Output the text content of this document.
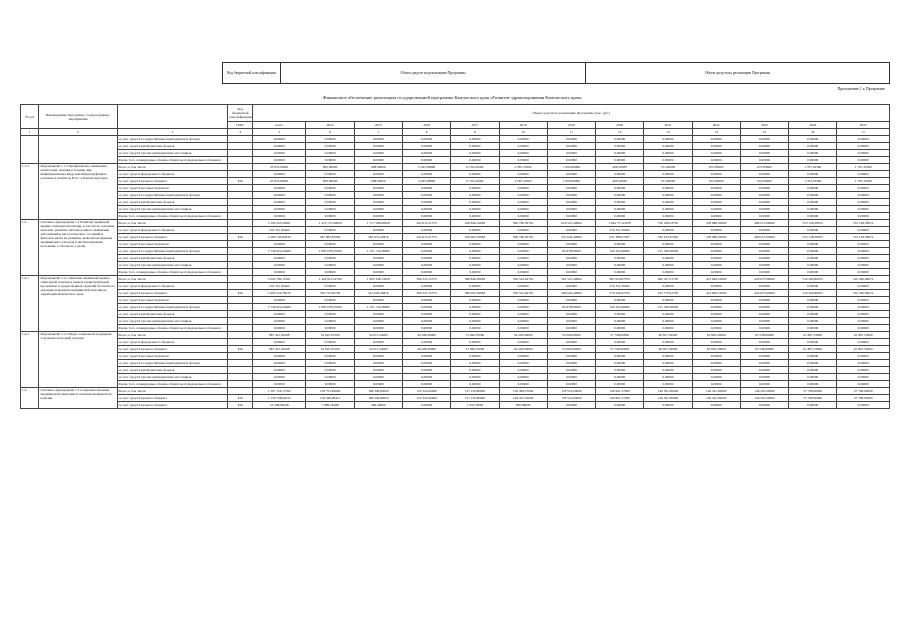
Код бюджетной классификации	Объем средств на реализацию Программы	Объем средств на реализацию Программы
Приложение 1 к Программе
Финансовое обеспечение реализации государственной программы Камчатского края «Развитие здравоохранения Камчатского края»
№ п/п	Наименование Программы / подпрограммы / мероприятия		Код бюджетной классификации	Объем средств на реализацию Программы (тыс. руб.)												
			ГРБС	всего	2014	2015	2016	2017	2018	2019	2020	2021	2022	2023	2024	2025
1	2	3	4	5	6	7	8	9	10	11	12	13	14	15	16	17
		за счет средств государственных внебюджетных фондов		0,00000	0,00000	0,00000	0,00000	0,00000	0,00000	0,00000	0,00000	0,00000	0,00000	0,00000	0,00000	0,00000
		за счет средств внебюджетных фондов		0,00000	0,00000	0,00000	0,00000	0,00000	0,00000	0,00000	0,00000	0,00000	0,00000	0,00000	0,00000	0,00000
		за счет средств прочих внебюджетных источников		0,00000	0,00000	0,00000	0,00000	0,00000	0,00000	0,00000	0,00000	0,00000	0,00000	0,00000	0,00000	0,00000
		Кроме того, планируемые объемы обязательств федерального бюджета		0,00000	0,00000	0,00000	0,00000	0,00000	0,00000	0,00000	0,00000	0,00000	0,00000	0,00000	0,00000	0,00000
1.1.3.	Мероприятие 1.1.3 Профилактика, выявление, мониторинг лечения и лечение лиц, инфицированных вирусами иммунодефицита человека и гепатитов B и C в Камчатском крае	Всего, в том числе:		25 670,99981	895,00000	999,90000	5 045,38896	6 139,43366	2 287,43582	1 693,66096	496,59583	721,60000	672,83600	672,83600	1 767,43360	1 767,43360
		за счет средств федерального бюджета		0,00000	0,00000	0,00000	0,00000	0,00000	0,00000	0,00000	0,00000	0,00000	0,00000	0,00000	0,00000	0,00000
		за счет средств краевого бюджета	816	25 670,99981	895,00000	999,90000	5 045,38896	6 139,43366	2 287,43582	1 693,66096	496,59583	721,60000	672,83600	672,83600	1 767,43360	1 767,43360
		за счет средств местных бюджетов		0,00000	0,00000	0,00000	0,00000	0,00000	0,00000	0,00000	0,00000	0,00000	0,00000	0,00000	0,00000	0,00000
		за счет средств государственных внебюджетных фондов		0,00000	0,00000	0,00000	0,00000	0,00000	0,00000	0,00000	0,00000	0,00000	0,00000	0,00000	0,00000	0,00000
		за счет средств внебюджетных фондов		0,00000	0,00000	0,00000	0,00000	0,00000	0,00000	0,00000	0,00000	0,00000	0,00000	0,00000	0,00000	0,00000
		за счет средств прочих внебюджетных источников		0,00000	0,00000	0,00000	0,00000	0,00000	0,00000	0,00000	0,00000	0,00000	0,00000	0,00000	0,00000	0,00000
		Кроме того, планируемые объемы обязательств федерального бюджета		0,00000	0,00000	0,00000	0,00000	0,00000	0,00000	0,00000	0,00000	0,00000	0,00000	0,00000	0,00000	0,00000
1.2.	Основное мероприятие 1.2 Развитие первичной медико-санитарной помощи, в том числе сельским жителям, развитие системы раннего выявления заболеваний и патологических состояний и факторов риска их развития, включая проведение медицинских осмотров и диспансеризации населения, в том числе у детей	Всего, в том числе:		5 190 203,59461	1 472 157,00000	1 717 588,60816	445 613,51573	428 646,54638	590 760,50761	616 521,40984	1 044 771,22970	730 188,23765	478 989,30000	486 213,99000	372 128,38972	372 128,38972
		за счет средств федерального бюджета		270 331,20462	0,00000	0,00000	0,00000	0,00000	0,00000	0,00000	270 331,20462	0,00000	0,00000	0,00000	0,00000	0,00000
		за счет средств краевого бюджета	816	4 180 745,83619	387 082,87900	465 872,22816	445 613,51573	430 095,54638	590 760,50761	551 643,40984	631 388,57637	530 433,87265	478 989,30000	486 213,99000	372 128,38972	372 128,38972
		за счет средств местных бюджетов		0,00000	0,00000	0,00000	0,00000	0,00000	0,00000	0,00000	0,00000	0,00000	0,00000	0,00000	0,00000	0,00000
		за счет средств государственных внебюджетных фондов		2 738 924,44000	1 085 076,07000	1 251 716,38000	0,00000	0,00000	0,00000	64 878,00000	140 452,60000	215 760,00000	0,00000	0,00000	0,00000	0,00000
		за счет средств внебюджетных фондов		0,00000	0,00000	0,00000	0,00000	0,00000	0,00000	0,00000	0,00000	0,00000	0,00000	0,00000	0,00000	0,00000
		за счет средств прочих внебюджетных источников		0,00000	0,00000	0,00000	0,00000	0,00000	0,00000	0,00000	0,00000	0,00000	0,00000	0,00000	0,00000	0,00000
		Кроме того, планируемые объемы обязательств федерального бюджета		0,00000	0,00000	0,00000	0,00000	0,00000	0,00000	0,00000	0,00000	0,00000	0,00000	0,00000	0,00000	0,00000
1.2.1.	Мероприятие 1.2.1 Оказание первичной медико-санитарной помощи в рамках территориальной программы государственных гарантий бесплатного оказания гражданам медицинской помощи на территории Камчатского края	Всего, в том числе:		5 002 780,15361	1 424 812,02700	1 665 348,14816	396 325,15573	386 649,39638	536 524,50761	561 521,40984	987 024,87970	669 527,21765	413 849,10000	420 675,99000	310 260,86072	310 260,86072
		за счет средств федерального бюджета		270 331,20462	0,00000	0,00000	0,00000	0,00000	0,00000	0,00000	270 331,20462	0,00000	0,00000	0,00000	0,00000	0,00000
		за счет средств краевого бюджета	816	1 993 524,78279	339 735,95700	413 626,26816	396 325,15573	388 095,39638	536 524,50761	496 645,40984	576 240,67970	453 770,61765	413 849,10000	420 675,99000	310 260,86072	310 260,86072
		за счет средств местных бюджетов		0,00000	0,00000	0,00000	0,00000	0,00000	0,00000	0,00000	0,00000	0,00000	0,00000	0,00000	0,00000	0,00000
		за счет средств государственных внебюджетных фондов		2 738 924,44000	1 085 076,07000	1 251 716,38000	0,00000	0,00000	0,00000	64 878,00000	140 452,60000	215 760,00000	0,00000	0,00000	0,00000	0,00000
		за счет средств внебюджетных фондов		0,00000	0,00000	0,00000	0,00000	0,00000	0,00000	0,00000	0,00000	0,00000	0,00000	0,00000	0,00000	0,00000
		за счет средств прочих внебюджетных источников		0,00000	0,00000	0,00000	0,00000	0,00000	0,00000	0,00000	0,00000	0,00000	0,00000	0,00000	0,00000	0,00000
		Кроме того, планируемые объемы обязательств федерального бюджета		0,00000	0,00000	0,00000	0,00000	0,00000	0,00000	0,00000	0,00000	0,00000	0,00000	0,00000	0,00000	0,00000
1.2.2.	Мероприятие 1.2.2 Меры социальной поддержки отдельных категорий граждан	Всего, в том числе:		687 421,20298	52 925,07200	54 015,34000	49 288,36000	51 996,70000	54 236,00000	55 000,00000	57 748,00000	60 657,30000	63 865,20000	65 538,69000	61 867,53900	61 867,53900
		за счет средств федерального бюджета		0,00000	0,00000	0,00000	0,00000	0,00000	0,00000	0,00000	0,00000	0,00000	0,00000	0,00000	0,00000	0,00000
		за счет средств краевого бюджета	816	687 421,20298	52 925,07200	54 015,34000	49 288,36000	51 996,70000	54 236,00000	55 000,00000	57 748,00000	60 657,30000	63 865,20000	65 538,69000	61 867,53900	61 867,53900
		за счет средств местных бюджетов		0,00000	0,00000	0,00000	0,00000	0,00000	0,00000	0,00000	0,00000	0,00000	0,00000	0,00000	0,00000	0,00000
		за счет средств государственных внебюджетных фондов		0,00000	0,00000	0,00000	0,00000	0,00000	0,00000	0,00000	0,00000	0,00000	0,00000	0,00000	0,00000	0,00000
		за счет средств внебюджетных фондов		0,00000	0,00000	0,00000	0,00000	0,00000	0,00000	0,00000	0,00000	0,00000	0,00000	0,00000	0,00000	0,00000
		за счет средств прочих внебюджетных источников		0,00000	0,00000	0,00000	0,00000	0,00000	0,00000	0,00000	0,00000	0,00000	0,00000	0,00000	0,00000	0,00000
		Кроме того, планируемые объемы обязательств федерального бюджета		0,00000	0,00000	0,00000	0,00000	0,00000	0,00000	0,00000	0,00000	0,00000	0,00000	0,00000	0,00000	0,00000
1.3.	Основное мероприятие 1.3 Совершенствование медицинской эвакуации и оказания медицинской помощи	Всего, в том числе:		1 597 156,17395	158 753,49900	168 346,80000	152 324,00000	137 126,80000	150 484,37000	178 519,00000	149 961,37000	146 391,00000	146 391,00000	146 391,00000	37 798,00000	37 798,00000
		за счет средств краевого бюджета	816	1 559 798,90415	158 046,28411	168 346,80000	152 324,00000	137 126,80000	149 425,19000	178 519,00000	149 961,37000	146 391,00000	146 391,00000	146 391,00000	37 798,00000	37 798,00000
		за счет средств краевого бюджета	816	10 588,96448	7 899,54488	482,40000	0,00000	1 376,70000	830,68000	0,00000	0,00000	0,00000	0,00000	0,00000	0,00000	0,00000
